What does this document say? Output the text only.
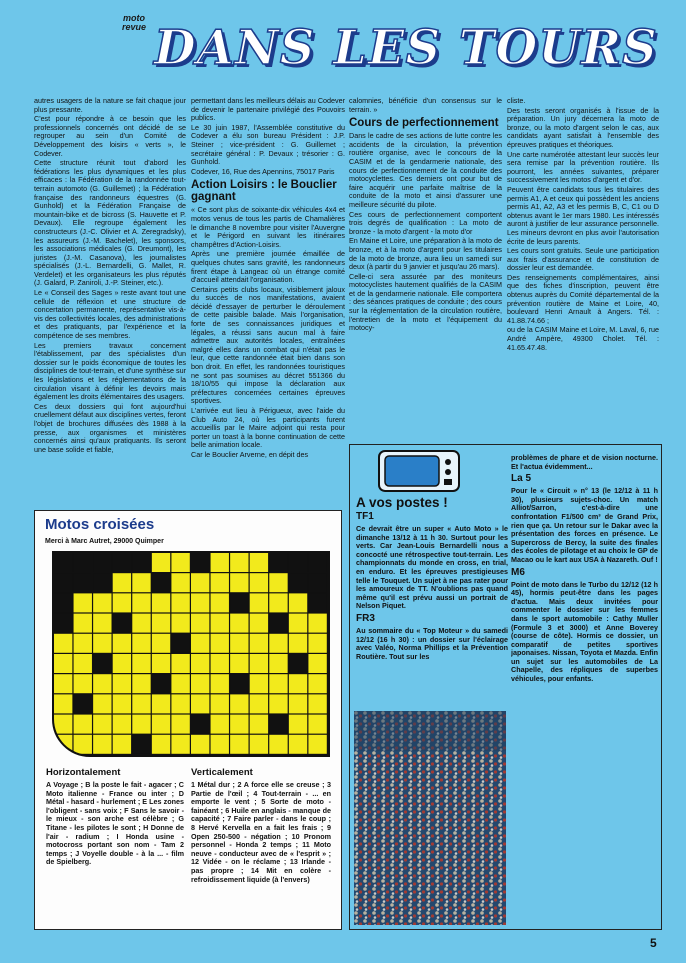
moto
revue DANS LES TOURS

autres usagers de la nature se fait chaque jour plus pressante.

C'est pour répondre à ce besoin que les professionnels concernés ont décidé de se regrouper au sein d'un Comité de Développement des loisirs « verts », le Codever.

Cette structure réunit tout d'abord les fédérations les plus dynamiques et les plus efficaces : la Fédération de la randonnée tout-terrain automoto (G. Guillemet) ; la Fédération française des randonneurs équestres (G. Gunhold) et la Fédération Française de mountain-bike et de bicross (S. Hauvette et P. Devaux). Elle regroupe également les constructeurs (J.-C. Olivier et A. Zeregradsky), les assureurs (J.-M. Bachelet), les sponsors, les associations médicales (G. Dreumont), les juristes (J.-M. Casanova), les journalistes spécialisés (J.-L. Bernardelli, G. Mallet, R. Verdelet) et les organisateurs les plus réputés (J. Galard, P. Zaniroli, J.-P. Steiner, etc.).

Le « Conseil des Sages » reste avant tout une cellule de réflexion et une structure de concertation permanente, représentative vis-à-vis des collectivités locales, des administrations et des pratiquants, par l'expérience et la compétence de ses membres.

Les premiers travaux concernent l'établissement, par des spécialistes d'un dossier sur le poids économique de toutes les disciplines de tout-terrain, et d'une synthèse sur les législations et les réglementations de la circulation visant à définir les devoirs mais également les droits élémentaires des usagers.

Ces deux dossiers qui font aujourd'hui cruellement défaut aux disciplines vertes, feront l'objet de brochures diffusées dès 1988 à la presse, aux organismes et ministères concernés ainsi qu'aux pratiquants. Ils seront une base solide et fiable,

permettant dans les meilleurs délais au Codever de devenir le partenaire privilégié des Pouvoirs publics.

Le 30 juin 1987, l'Assemblée constitutive du Codever a élu son bureau Président : J.P. Steiner ; vice-président : G. Guillemet ; secrétaire général : P. Devaux ; trésorier : G. Gunhold.

Codever, 16, Rue des Apennins, 75017 Paris

Action Loisirs : le Bouclier gagnant

« Ce sont plus de soixante-dix véhicules 4x4 et motos venus de tous les partis de Chamalières le dimanche 8 novembre pour visiter l'Auvergne et le Périgord en suivant les itinéraires champêtres d'Action-Loisirs.

Après une première journée émaillée de quelques chutes sans gravité, les randonneurs firent étape à Langeac où un étrange comité d'accueil attendait l'organisation.

Certains petits clubs locaux, visiblement jaloux du succès de nos manifestations, avaient décidé d'essayer de perturber le déroulement de cette paisible balade. Mais l'organisation, forte de ses connaissances juridiques et légales, a réussi sans aucun mal à faire admettre aux autorités locales, entraînées malgré elles dans un combat qui n'était pas le leur, que cette randonnée était bien dans son bon droit. En effet, les randonnées touristiques ne sont pas soumises au décret 551366 du 18/10/55 qui impose la déclaration aux préfectures concernées certaines épreuves sportives.

L'arrivée eut lieu à Périgueux, avec l'aide du Club Auto 24, où les participants furent accueillis par le Maire adjoint qui resta pour porter un toast à la bonne continuation de cette belle animation locale.

Car le Bouclier Arverne, en dépit des

calomnies, bénéficie d'un consensus sur le terrain. »

Cours de perfectionnement

Dans le cadre de ses actions de lutte contre les accidents de la circulation, la prévention routière organise, avec le concours de la CASIM et de la gendarmerie nationale, des cours de perfectionnement de la conduite des motocyclettes. Ces derniers ont pour but de faire acquérir une parfaite maîtrise de la conduite de la moto et ainsi d'assurer une meilleure sécurité du pilote.

Ces cours de perfectionnement comportent trois degrés de qualification : La moto de bronze - la moto d'argent - la moto d'or

En Maine et Loire, une préparation à la moto de bronze, et à la moto d'argent pour les titulaires de la moto de bronze, aura lieu un samedi sur deux (à partir du 9 janvier et jusqu'au 26 mars).

Celle-ci sera assurée par des moniteurs motocyclistes hautement qualifiés de la CASIM et de la gendarmerie nationale. Elle comportera : des séances pratiques de conduite ; des cours sur la réglementation de la circulation routière, l'entretien de la moto et l'équipement du motocy-

cliste.

Des tests seront organisés à l'issue de la préparation. Un jury décernera la moto de bronze, ou la moto d'argent selon le cas, aux candidats ayant satisfait à l'ensemble des épreuves pratiques et théoriques.

Une carte numérotée attestant leur succès leur sera remise par la prévention routière. Ils pourront, les années suivantes, préparer successivement les motos d'argent et d'or.

Peuvent être candidats tous les titulaires des permis A1, A et ceux qui possèdent les anciens permis A1, A2, A3 et les permis B, C, C1 ou D obtenus avant le 1er mars 1980. Les intéressés auront à justifier de leur assurance personnelle. Les mineurs devront en plus avoir l'autorisation écrite de leurs parents.

Les cours sont gratuits. Seule une participation aux frais d'assurance et de constitution de dossier leur est demandée.

Des renseignements complémentaires, ainsi que des fiches d'inscription, peuvent être obtenus auprès du Comité départemental de la prévention routière de Maine et Loire, 40, boulevard Henri Arnault à Angers. Tél. : 41.88.74.66 ;

ou de la CASIM Maine et Loire, M. Laval, 6, rue André Ampère, 49300 Cholet. Tél. : 41.65.47.48.

A vos postes !
TF1

Ce devrait être un super « Auto Moto » le dimanche 13/12 à 11 h 30. Surtout pour les verts. Car Jean-Louis Bernardelli nous a concocté une rétrospective tout-terrain. Les championnats du monde en cross, en trial, en enduro. Et les épreuves prestigieuses telle le Touquet. Un sujet à ne pas rater pour les amoureux de TT. N'oublions pas quand même qu'il est prévu aussi un portrait de Nelson Piquet.

FR3

Au sommaire du « Top Moteur » du samedi 12/12 (16 h 30) : un dossier sur l'éclairage avec Valéo, Norma Phillips et la Prévention Routière. Tout sur les

problèmes de phare et de vision nocturne. Et l'actua évidemment...

La 5

Pour le « Circuit » n° 13 (le 12/12 à 11 h 30), plusieurs sujets-choc. Un match Alliot/Sarron, c'est-à-dire une confrontation F1/500 cm³ de Grand Prix, rien que ça. Un retour sur le Dakar avec la présentation des forces en présence. Le Supercross de Bercy, la suite des finales des écoles de pilotage et au choix le GP de Macao ou le kart aux USA à Nazareth. Ouf !

M6

Point de moto dans le Turbo du 12/12 (12 h 45), hormis peut-être dans les pages d'actua. Mais deux invitées pour commenter le dossier sur les femmes dans le sport automobile : Cathy Muller (Formule 3 et 3000) et Anne Boverey (course de côte). Hormis ce dossier, un comparatif de petites sportives japonaises. Nissan, Toyota et Mazda. Enfin un sujet sur les automobiles de La Chapelle, des répliques de superbes véhicules, pour enfants.

Motos croisées
Merci à Marc Autret, 29000 Quimper
Horizontalement

A Voyage ; B la poste le fait - agacer ; C Moto italienne - France ou inter ; D Métal - hasard - hurlement ; E Les zones l'obligent - sans voix ; F Sans le savoir - le mieux - son arche est célèbre ; G Titane - les pilotes le sont ; H Donne de l'air - radium ; I Honda usine - motocross portant son nom - Tam 2 temps ; J Voyelle double - à la ... - film de Spielberg.

Verticalement

1 Métal dur ; 2 A force elle se creuse ; 3 Partie de l'œil ; 4 Tout-terrain - ... en emporte le vent ; 5 Sorte de moto - fainéant ; 6 Huile en anglais - manque de capacité ; 7 Faire parler - dans le coup ; 8 Hervé Kervella en a fait les frais ; 9 Open 250-500 - négation ; 10 Pronom personnel - Honda 2 temps ; 11 Moto neuve - conducteur avec de « l'esprit » ; 12 Vidée - on le réclame ; 13 Irlande - pas propre ; 14 Mit en colère - refroidissement liquide (à l'envers)

5
